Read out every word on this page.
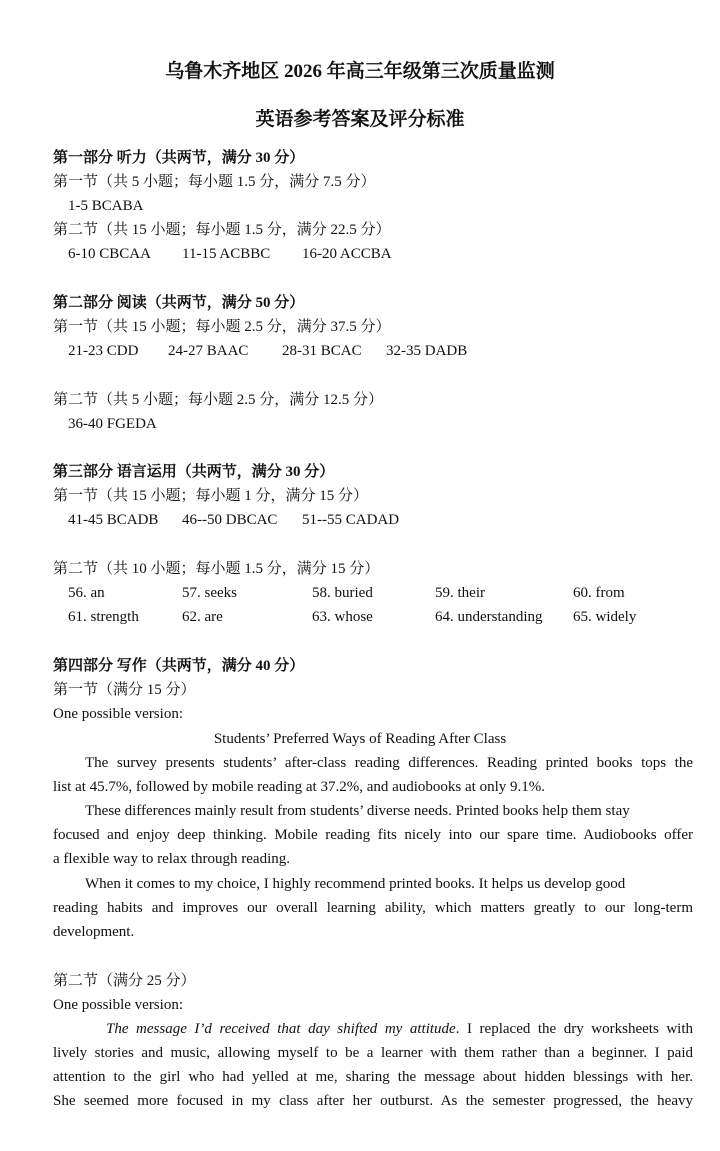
乌鲁木齐地区 2026 年高三年级第三次质量监测
英语参考答案及评分标准
第一部分 听力（共两节，满分 30 分）
第一节（共 5 小题；每小题 1.5 分，满分 7.5 分）
1-5 BCABA
第二节（共 15 小题；每小题 1.5 分，满分 22.5 分）
6-10 CBCAA 11-15 ACBBC 16-20 ACCBA
第二部分 阅读（共两节，满分 50 分）
第一节（共 15 小题；每小题 2.5 分，满分 37.5 分）
21-23 CDD 24-27 BAAC 28-31 BCAC 32-35 DADB
第二节（共 5 小题；每小题 2.5 分，满分 12.5 分）
36-40 FGEDA
第三部分 语言运用（共两节，满分 30 分）
第一节（共 15 小题；每小题 1 分，满分 15 分）
41-45 BCADB 46--50 DBCAC 51--55 CADAD
第二节（共 10 小题；每小题 1.5 分，满分 15 分）
56. an	57. seeks	58. buried	59. their	60. from
61. strength	62. are	63. whose	64. understanding 65. widely
第四部分 写作（共两节，满分 40 分）
第一节（满分 15 分）
One possible version:
Students’ Preferred Ways of Reading After Class
The survey presents students’ after-class reading differences. Reading printed books tops the
list at 45.7%, followed by mobile reading at 37.2%, and audiobooks at only 9.1%.
These differences mainly result from students’ diverse needs. Printed books help them stay
focused and enjoy deep thinking. Mobile reading fits nicely into our spare time. Audiobooks offer
a flexible way to relax through reading.
When it comes to my choice, I highly recommend printed books. It helps us develop good
reading habits and improves our overall learning ability, which matters greatly to our long-term
development.
第二节（满分 25 分）
One possible version:
The message I’d received that day shifted my attitude. I replaced the dry worksheets with
lively stories and music, allowing myself to be a learner with them rather than a beginner. I paid
attention to the girl who had yelled at me, sharing the message about hidden blessings with her.
She seemed more focused in my class after her outburst. As the semester progressed, the heavy
